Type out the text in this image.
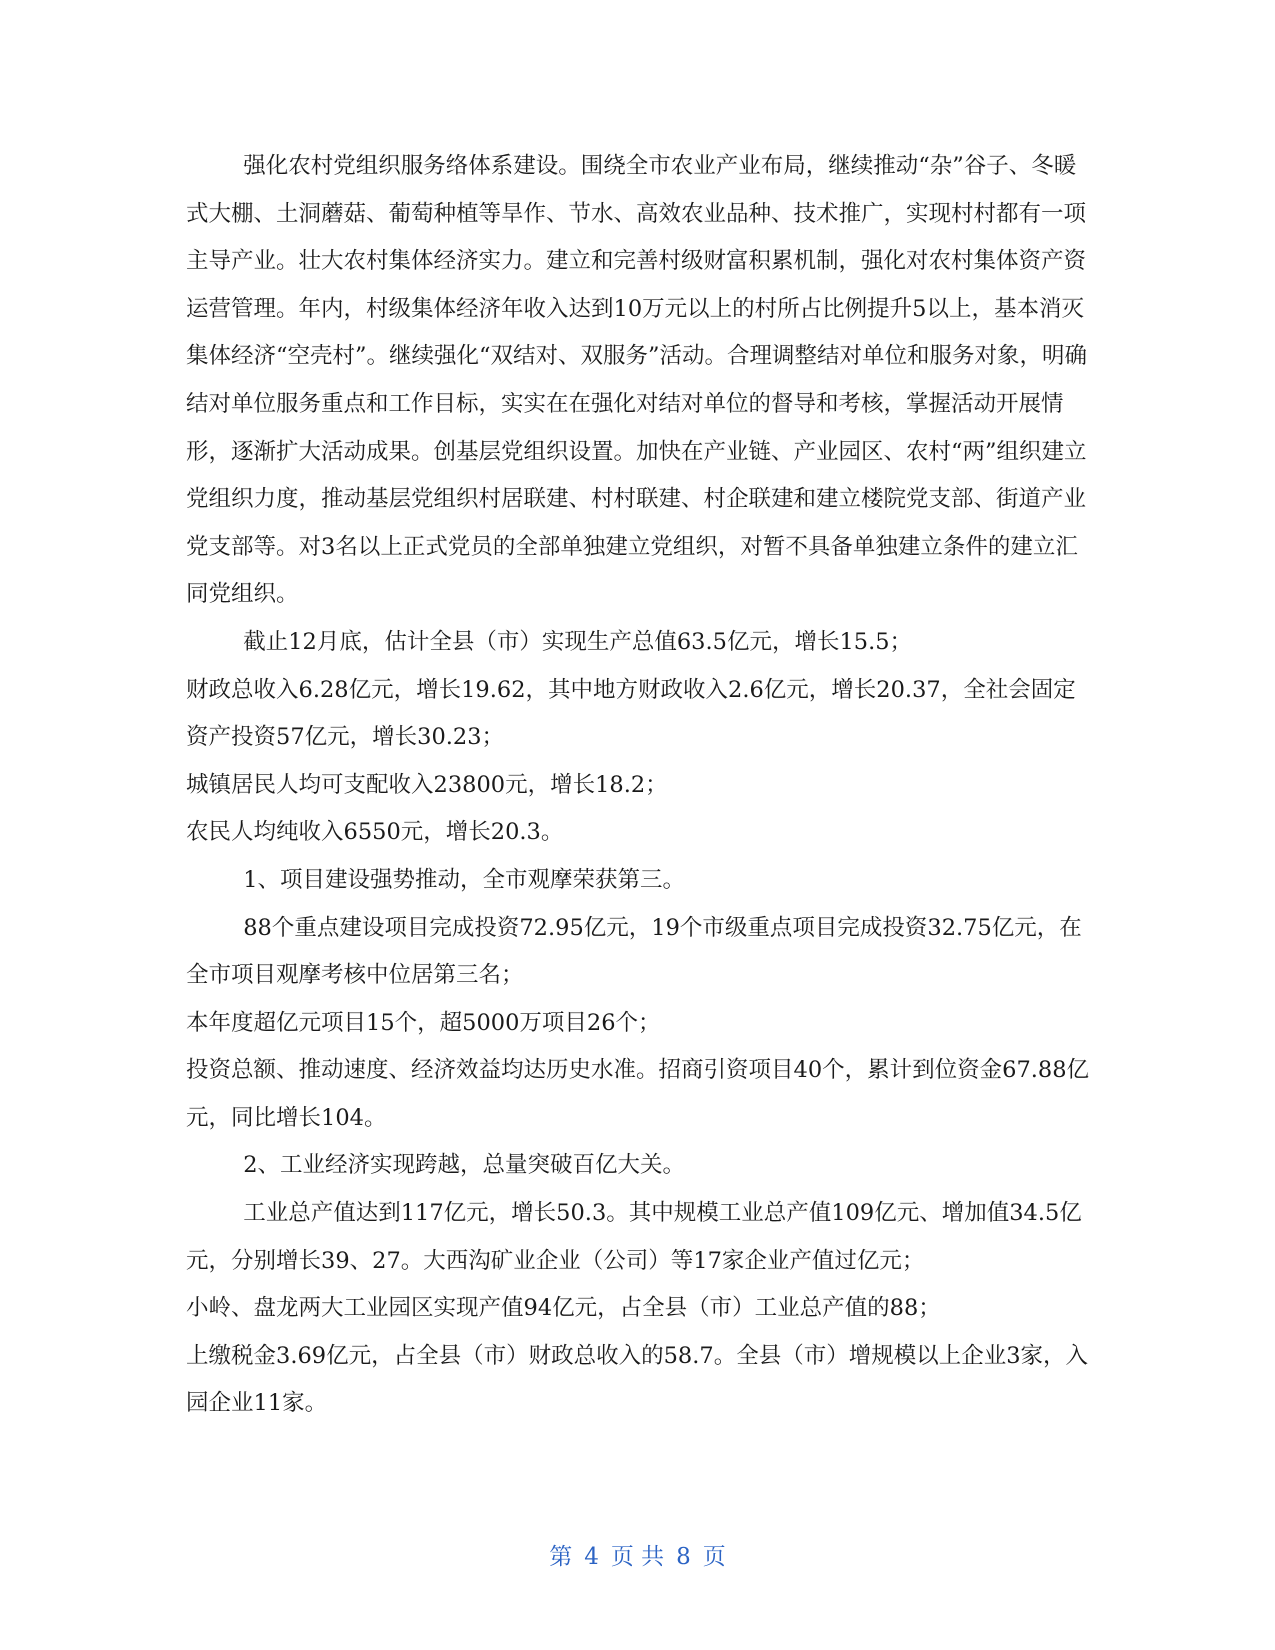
强化农村党组织服务络体系建设。围绕全市农业产业布局，继续推动“杂”谷子、冬暖式大棚、土洞蘑菇、葡萄种植等旱作、节水、高效农业品种、技术推广，实现村村都有一项主导产业。壮大农村集体经济实力。建立和完善村级财富积累机制，强化对农村集体资产资运营管理。年内，村级集体经济年收入达到10万元以上的村所占比例提升5以上，基本消灭集体经济“空壳村”。继续强化“双结对、双服务”活动。合理调整结对单位和服务对象，明确结对单位服务重点和工作目标，实实在在强化对结对单位的督导和考核，掌握活动开展情形，逐渐扩大活动成果。创基层党组织设置。加快在产业链、产业园区、农村“两”组织建立党组织力度，推动基层党组织村居联建、村村联建、村企联建和建立楼院党支部、街道产业党支部等。对3名以上正式党员的全部单独建立党组织，对暂不具备单独建立条件的建立汇同党组织。

截止12月底，估计全县（市）实现生产总值63.5亿元，增长15.5；

财政总收入6.28亿元，增长19.62，其中地方财政收入2.6亿元，增长20.37，全社会固定资产投资57亿元，增长30.23；

城镇居民人均可支配收入23800元，增长18.2；

农民人均纯收入6550元，增长20.3。

1、项目建设强势推动，全市观摩荣获第三。

88个重点建设项目完成投资72.95亿元，19个市级重点项目完成投资32.75亿元，在全市项目观摩考核中位居第三名；

本年度超亿元项目15个，超5000万项目26个；

投资总额、推动速度、经济效益均达历史水准。招商引资项目40个，累计到位资金67.88亿元，同比增长104。

2、工业经济实现跨越，总量突破百亿大关。

工业总产值达到117亿元，增长50.3。其中规模工业总产值109亿元、增加值34.5亿元，分别增长39、27。大西沟矿业企业（公司）等17家企业产值过亿元；

小岭、盘龙两大工业园区实现产值94亿元，占全县（市）工业总产值的88；

上缴税金3.69亿元，占全县（市）财政总收入的58.7。全县（市）增规模以上企业3家，入园企业11家。

第 4 页 共 8 页
